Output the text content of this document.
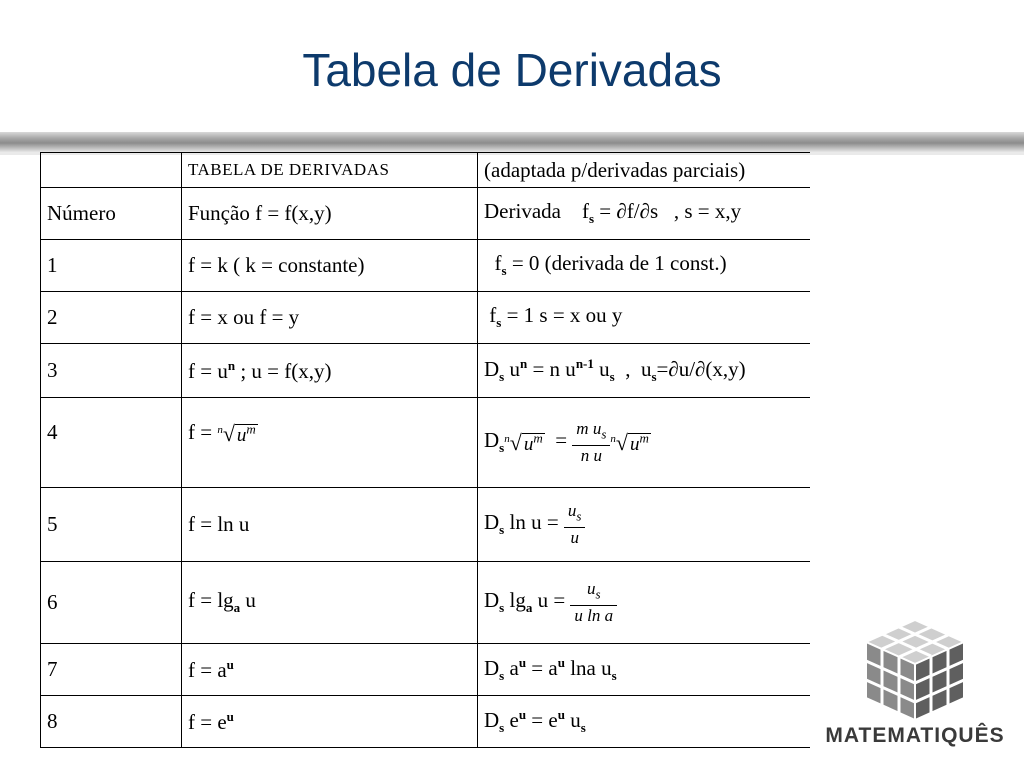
Tabela de Derivadas
	TABELA DE DERIVADAS	(adaptada p/derivadas parciais)
Número	Função f = f(x,y)	Derivada    $f_s = \partial f/\partial s$   , s = x,y
1	f = k ( k = constante)	$f_s = 0$ (derivada de 1 const.)
2	f = x ou f = y	$f_s = 1$ s = x ou y
3	$f = u^n$ ; u = f(x,y)	$D_s$ $u^n = n$ $u^{n-1}$ $u_s$  ,  $u_s=\partial u/\partial(x,y)$
4	f = $^n$√ $u^m$	$D_s^n√$ $u^m = \frac{m u_s}{\text{n u}} ^n√$ $u^m$
5	f = ln u	$D_s$ $\ln u = \frac{u_s}{u}$

6	$f = \lg_a u$	$D_s$ $\lg_a u = \frac{u_s}{\text{u ln a}}$

7	$f = a^u$	$D_s$ $a^u = a^u$ lna $u_s$
8	$f = e^u$	$D_s$ $e^u = e^u$ $u_s$	MATEMATIQUÊS
